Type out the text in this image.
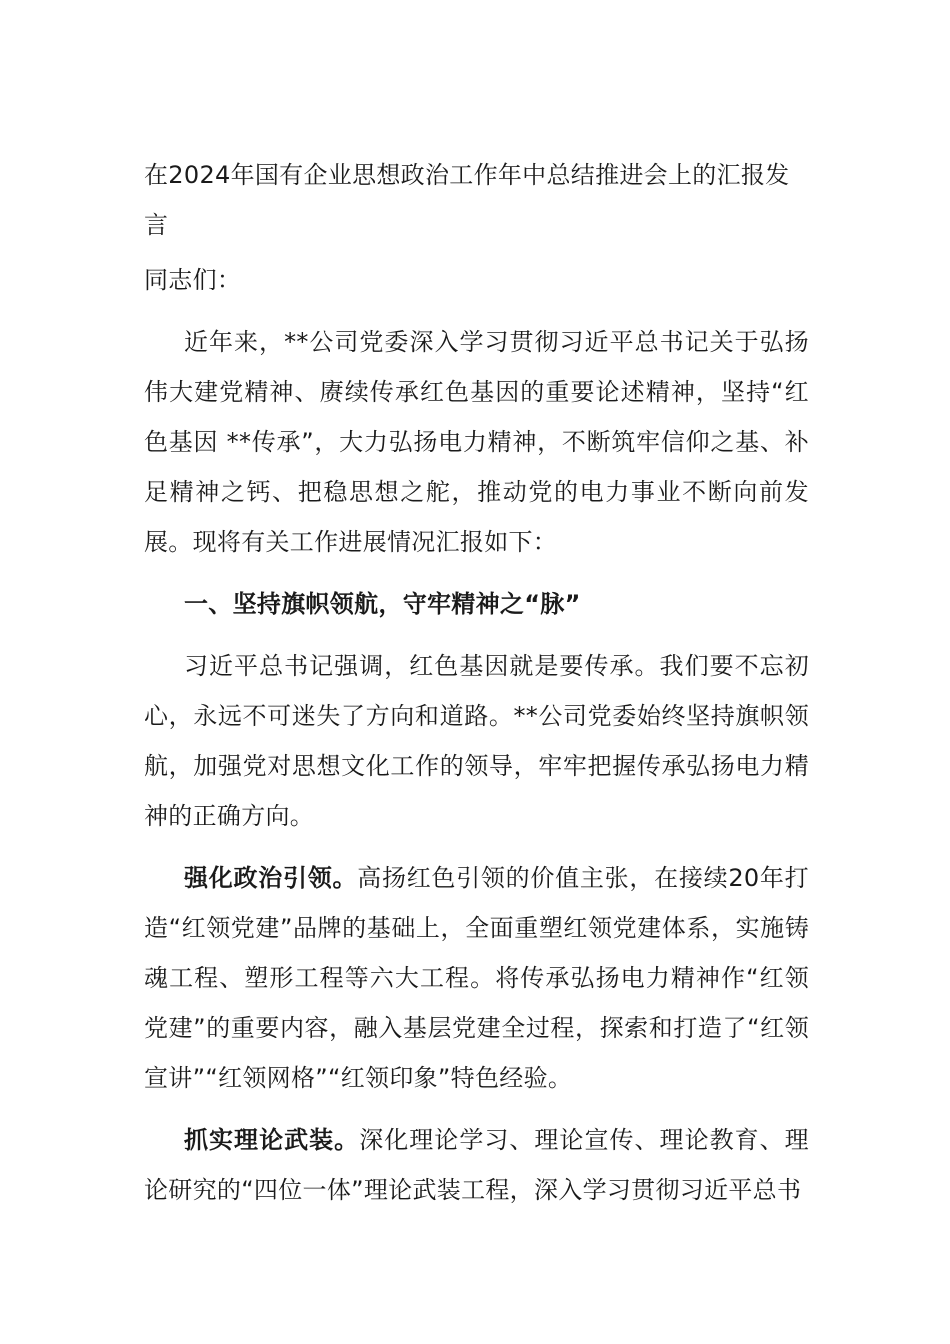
在2024年国有企业思想政治工作年中总结推进会上的汇报发言

同志们：

近年来，**公司党委深入学习贯彻习近平总书记关于弘扬伟大建党精神、赓续传承红色基因的重要论述精神，坚持“红色基因 **传承”，大力弘扬电力精神，不断筑牢信仰之基、补足精神之钙、把稳思想之舵，推动党的电力事业不断向前发展。现将有关工作进展情况汇报如下：

一、坚持旗帜领航，守牢精神之“脉”

习近平总书记强调，红色基因就是要传承。我们要不忘初心，永远不可迷失了方向和道路。**公司党委始终坚持旗帜领航，加强党对思想文化工作的领导，牢牢把握传承弘扬电力精神的正确方向。

强化政治引领。高扬红色引领的价值主张，在接续20年打造“红领党建”品牌的基础上，全面重塑红领党建体系，实施铸魂工程、塑形工程等六大工程。将传承弘扬电力精神作“红领党建”的重要内容，融入基层党建全过程，探索和打造了“红领宣讲”“红领网格”“红领印象”特色经验。

抓实理论武装。深化理论学习、理论宣传、理论教育、理论研究的“四位一体”理论武装工程，深入学习贯彻习近平总书
